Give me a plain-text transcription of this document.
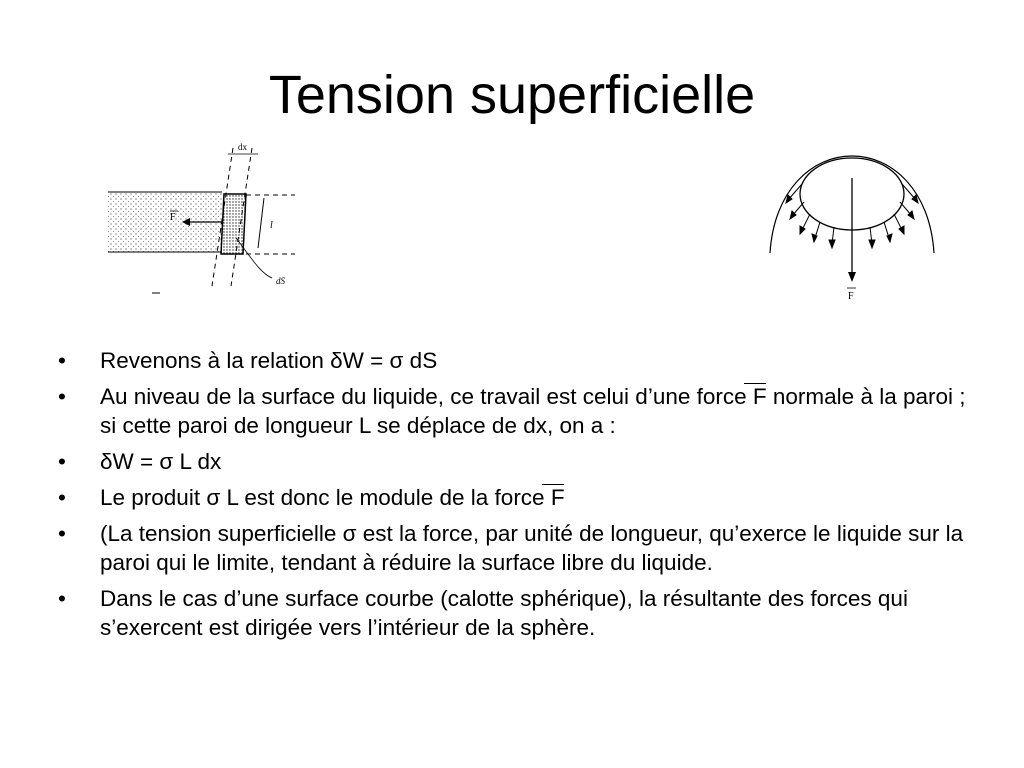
Tension superficielle
dx
F
l
dS
F
•	Revenons à la relation δW = σ dS
•	Au niveau de la surface du liquide, ce travail est celui d’une force F normale à la paroi ; si cette paroi de longueur L se déplace de dx, on a :
•	δW = σ L dx
•	Le produit σ L est donc le module de la force F
•	(La tension superficielle σ est la force, par unité de longueur, qu’exerce le liquide sur la paroi qui le limite, tendant à réduire la surface libre du liquide.
•	Dans le cas d’une surface courbe (calotte sphérique), la résultante des forces qui s’exercent est dirigée vers l’intérieur de la sphère.
